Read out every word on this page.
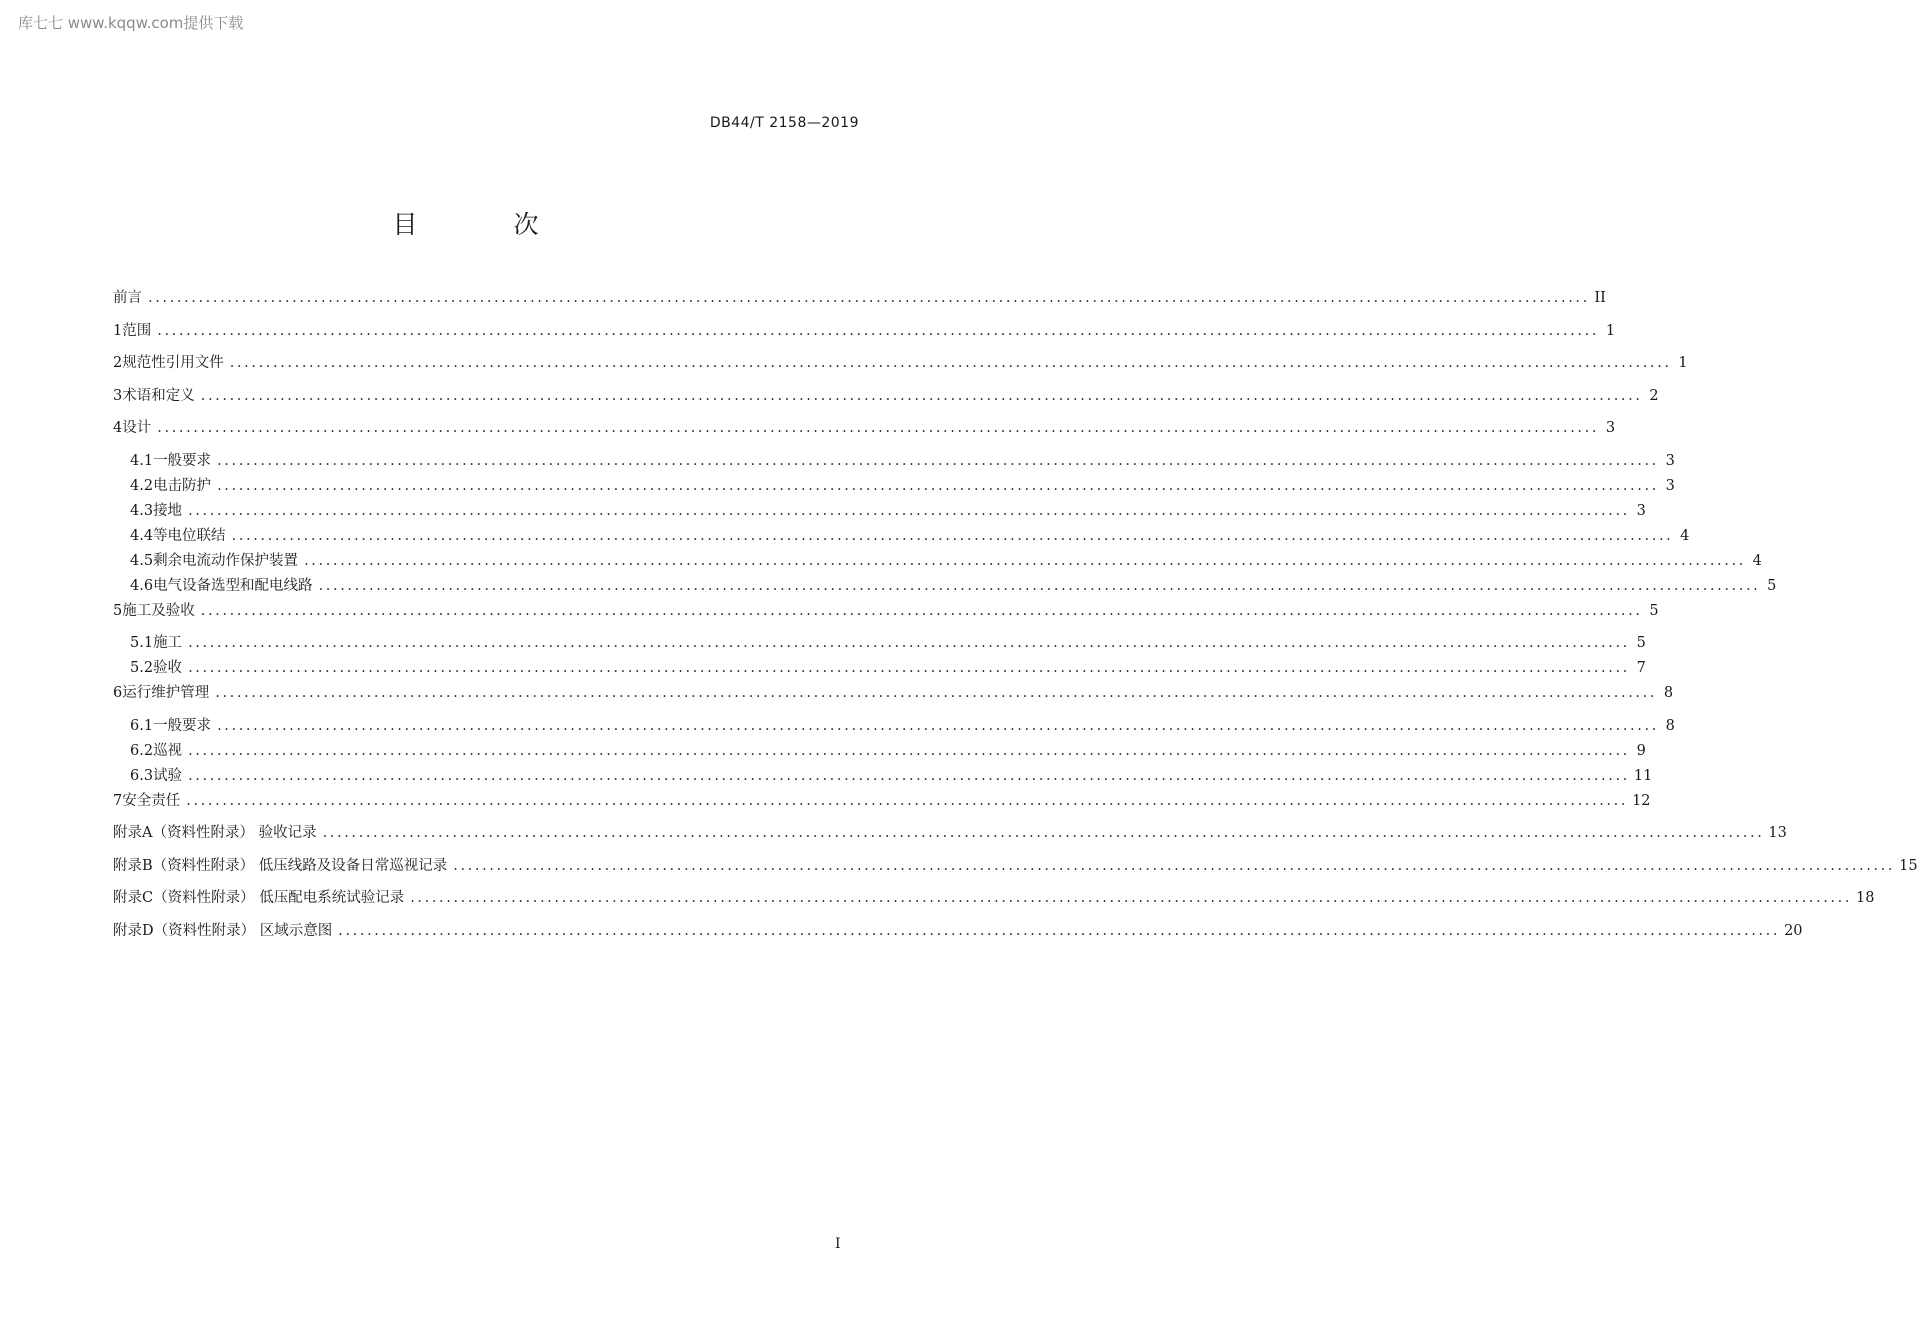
库七七 www.kqqw.com提供下载
DB44/T 2158—2019
目 次
前言 ........................................................................................................................................................................................................ II
1 范围 ........................................................................................................................................................................................................ 1
2 规范性引用文件 ........................................................................................................................................................................................................ 1
3 术语和定义 ........................................................................................................................................................................................................ 2
4 设计 ........................................................................................................................................................................................................ 3
4.1 一般要求 ........................................................................................................................................................................................................ 3
4.2 电击防护 ........................................................................................................................................................................................................ 3
4.3 接地 ........................................................................................................................................................................................................ 3
4.4 等电位联结 ........................................................................................................................................................................................................ 4
4.5 剩余电流动作保护装置 ........................................................................................................................................................................................................ 4
4.6 电气设备选型和配电线路 ........................................................................................................................................................................................................ 5
5 施工及验收 ........................................................................................................................................................................................................ 5
5.1 施工 ........................................................................................................................................................................................................ 5
5.2 验收 ........................................................................................................................................................................................................ 7
6 运行维护管理 ........................................................................................................................................................................................................ 8
6.1 一般要求 ........................................................................................................................................................................................................ 8
6.2 巡视 ........................................................................................................................................................................................................ 9
6.3 试验 ........................................................................................................................................................................................................ 11
7 安全责任 ........................................................................................................................................................................................................ 12
附录A（资料性附录） 验收记录 ........................................................................................................................................................................................................ 13
附录B（资料性附录） 低压线路及设备日常巡视记录 ........................................................................................................................................................................................................ 15
附录C（资料性附录） 低压配电系统试验记录 ........................................................................................................................................................................................................ 18
附录D（资料性附录） 区域示意图 ........................................................................................................................................................................................................ 20
I
